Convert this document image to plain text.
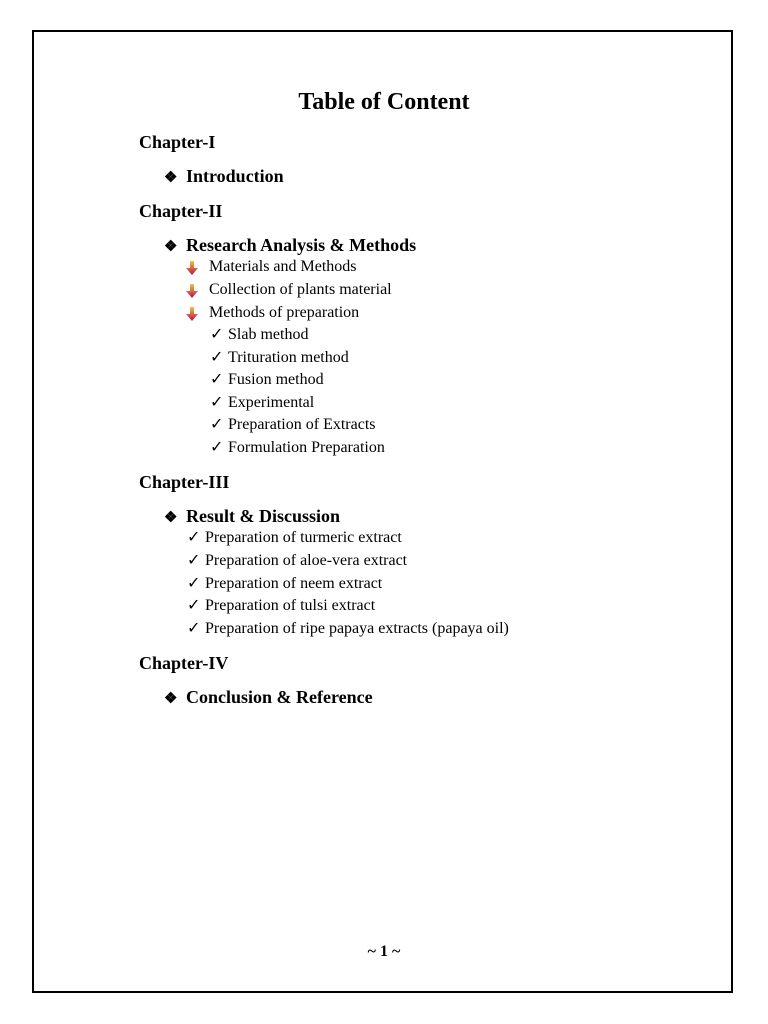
Table of Content
Chapter-I
❖ Introduction
Chapter-II
❖ Research Analysis & Methods
Materials and Methods
Collection of plants material
Methods of preparation
✓ Slab method
✓ Trituration method
✓ Fusion method
✓ Experimental
✓ Preparation of Extracts
✓ Formulation Preparation
Chapter-III
❖ Result & Discussion
✓ Preparation of turmeric extract
✓ Preparation of aloe-vera extract
✓ Preparation of neem extract
✓ Preparation of tulsi extract
✓ Preparation of ripe papaya extracts (papaya oil)
Chapter-IV
❖ Conclusion & Reference
~ 1 ~
